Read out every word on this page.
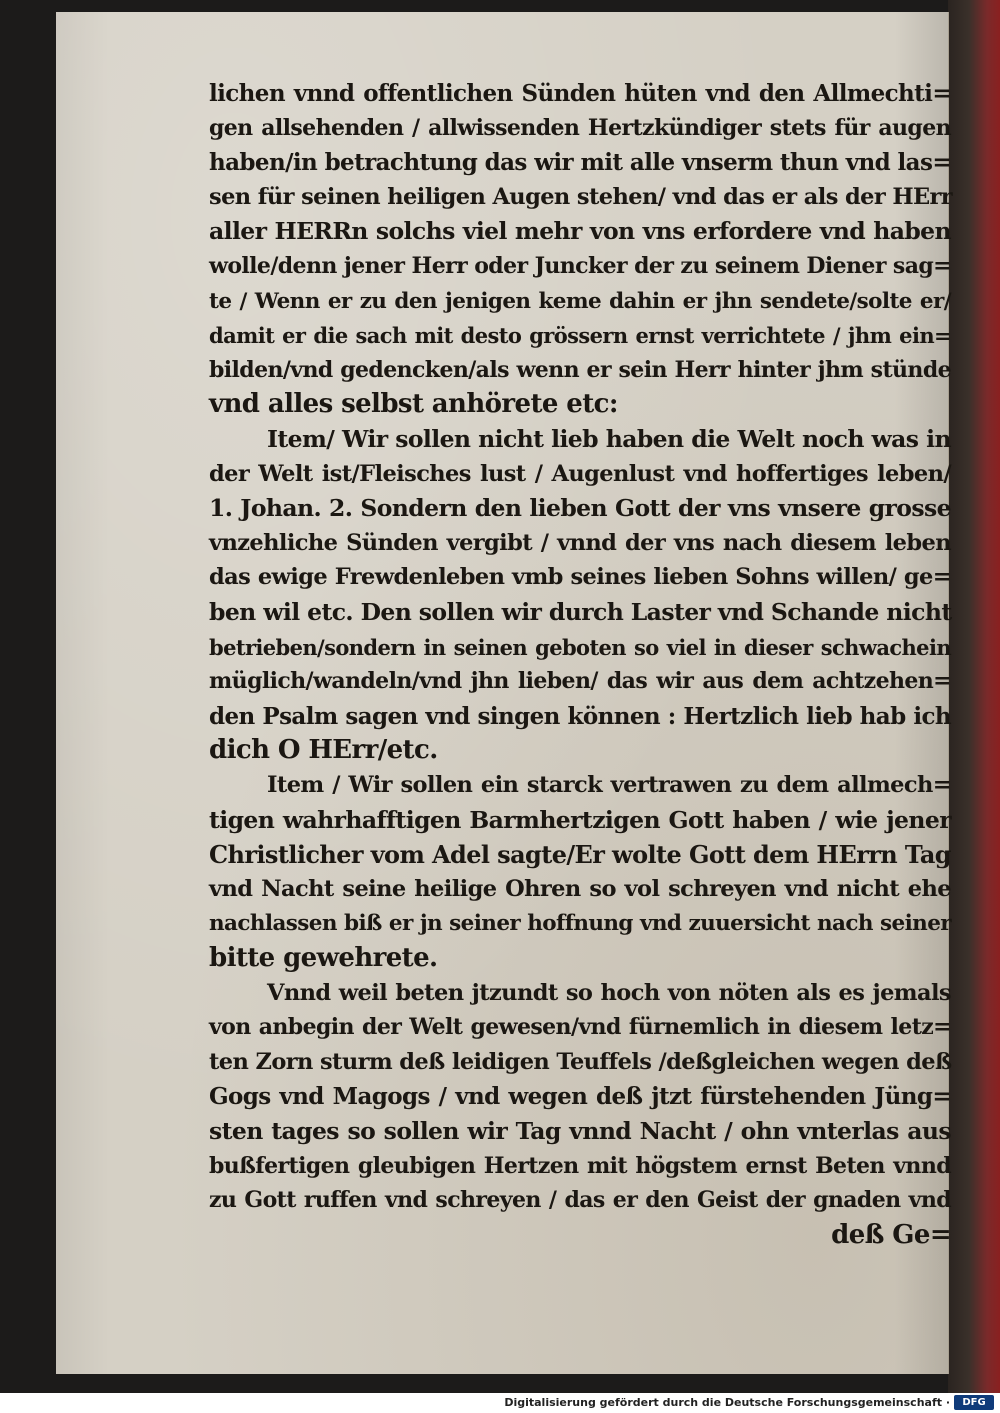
lichen vnnd offentlichen Sünden hüten vnd den Allmechti=
gen allsehenden / allwissenden Hertzkündiger stets für augen
haben/in betrachtung das wir mit alle vnserm thun vnd las=
sen für seinen heiligen Augen stehen/ vnd das er als der HErr
aller HERRn solchs viel mehr von vns erfordere vnd haben
wolle/denn jener Herr oder Juncker der zu seinem Diener sag=
te / Wenn er zu den jenigen keme dahin er jhn sendete/solte er/
damit er die sach mit desto grössern ernst verrichtete / jhm ein=
bilden/vnd gedencken/als wenn er sein Herr hinter jhm stünde
vnd alles selbst anhörete etc:
Item/ Wir sollen nicht lieb haben die Welt noch was in
der Welt ist/Fleisches lust / Augenlust vnd hoffertiges leben/
1. Johan. 2. Sondern den lieben Gott der vns vnsere grosse
vnzehliche Sünden vergibt / vnnd der vns nach diesem leben
das ewige Frewdenleben vmb seines lieben Sohns willen/ ge=
ben wil etc. Den sollen wir durch Laster vnd Schande nicht
betrieben/sondern in seinen geboten so viel in dieser schwachein
müglich/wandeln/vnd jhn lieben/ das wir aus dem achtzehen=
den Psalm sagen vnd singen können : Hertzlich lieb hab ich
dich O HErr/etc.
Item / Wir sollen ein starck vertrawen zu dem allmech=
tigen wahrhafftigen Barmhertzigen Gott haben / wie jener
Christlicher vom Adel sagte/Er wolte Gott dem HErrn Tag
vnd Nacht seine heilige Ohren so vol schreyen vnd nicht ehe
nachlassen biß er jn seiner hoffnung vnd zuuersicht nach seiner
bitte gewehrete.
Vnnd weil beten jtzundt so hoch von nöten als es jemals
von anbegin der Welt gewesen/vnd fürnemlich in diesem letz=
ten Zorn sturm deß leidigen Teuffels /deßgleichen wegen deß
Gogs vnd Magogs / vnd wegen deß jtzt fürstehenden Jüng=
sten tages so sollen wir Tag vnnd Nacht / ohn vnterlas aus
bußfertigen gleubigen Hertzen mit högstem ernst Beten vnnd
zu Gott ruffen vnd schreyen / das er den Geist der gnaden vnd
deß Ge=
Digitalisierung gefördert durch die Deutsche Forschungsgemeinschaft ·	DFG
